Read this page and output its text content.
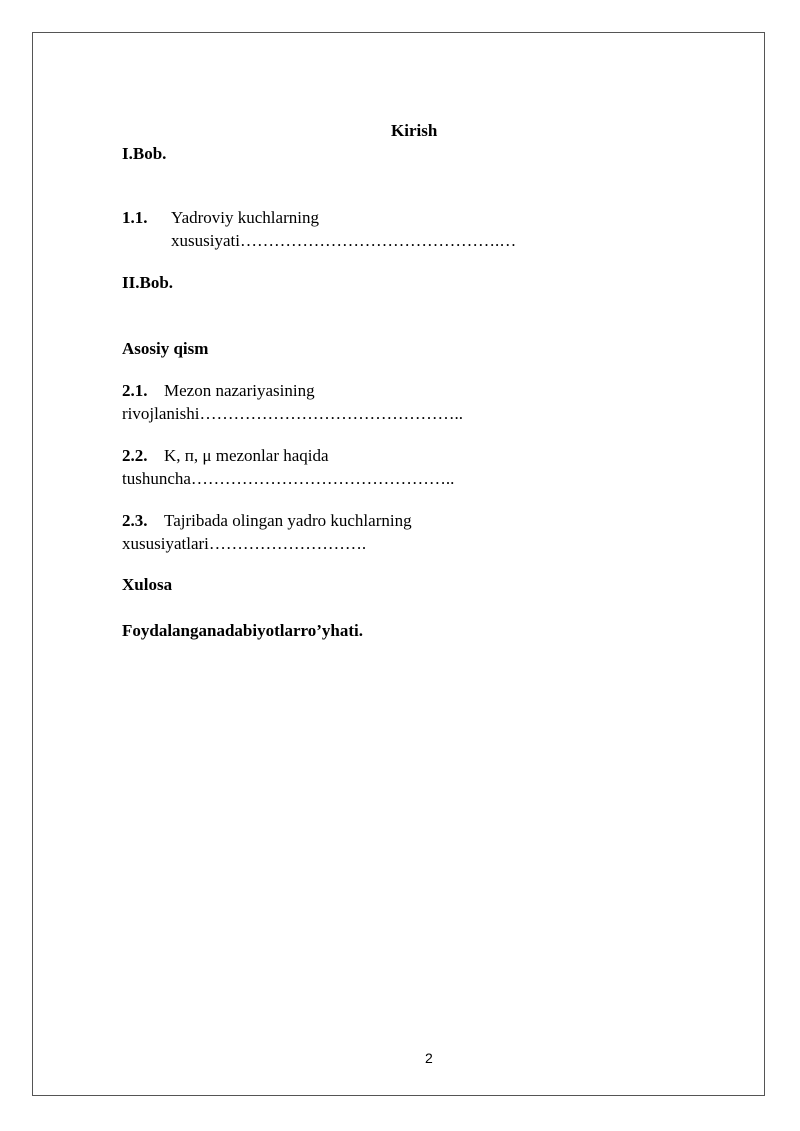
Kirish
I.Bob.
1.1. Yadroviy kuchlarning
xususiyati……………………………………….…
II.Bob.
Asosiy qism
2.1. Mezon nazariyasining
rivojlanishi………………………………………..
2.2. K, п, μ mezonlar haqida
tushuncha………………………………………..
2.3. Tajribada olingan yadro kuchlarning
xususiyatlari……………………….
Xulosa
Foydalanganadabiyotlarro’yhati.
2
